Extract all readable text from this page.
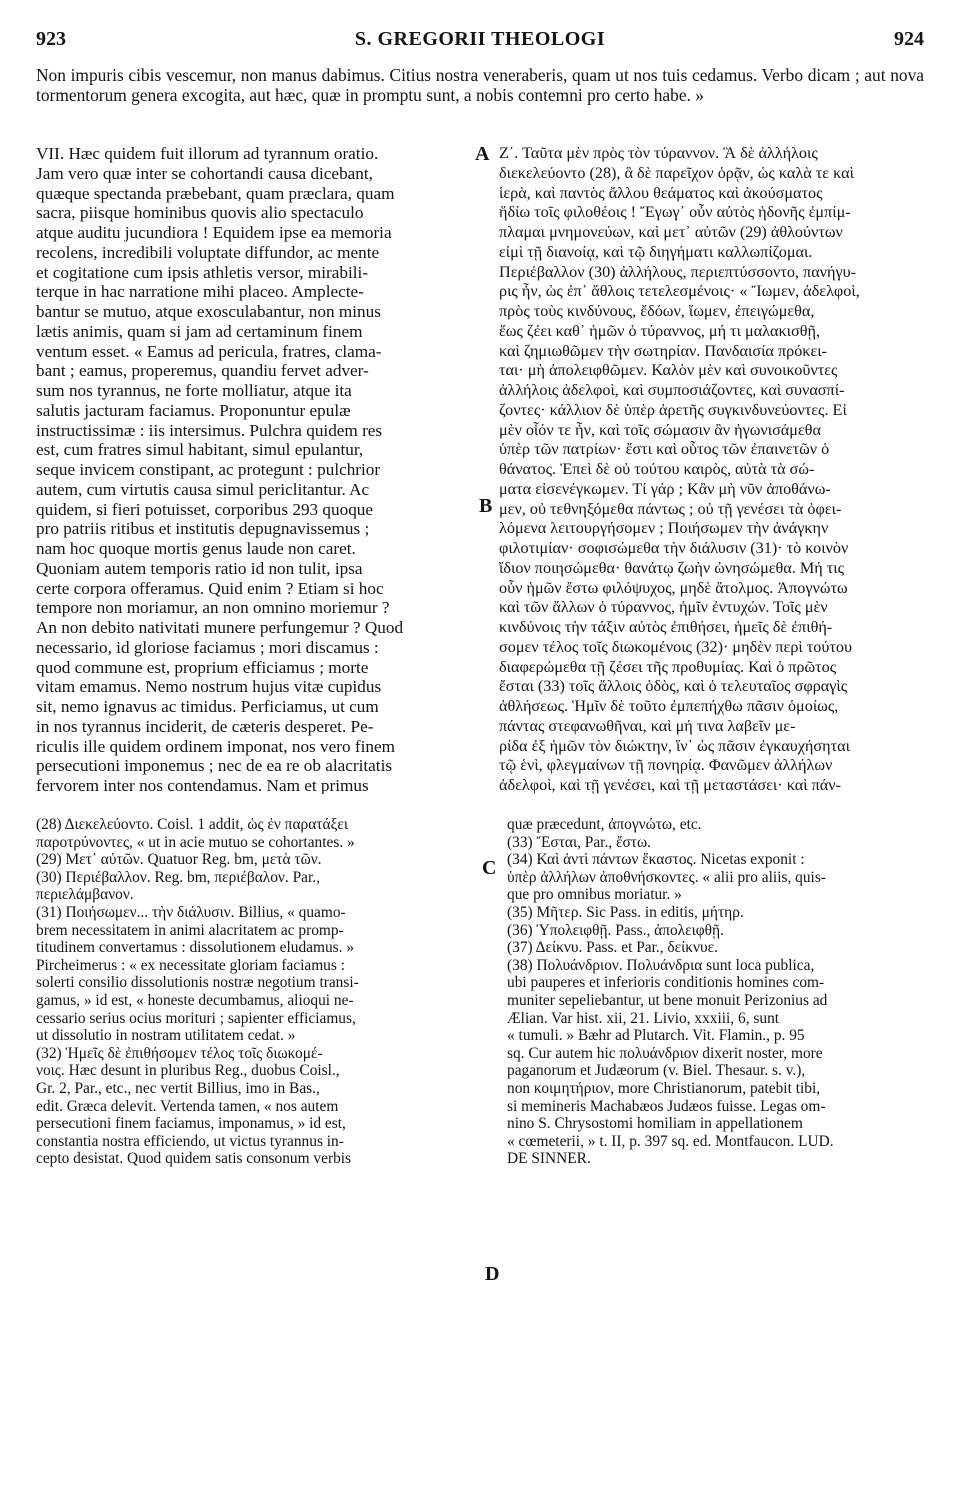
923	S. GREGORII THEOLOGI	924
Non impuris cibis vescemur, non manus dabimus. Citius nostra veneraberis, quam ut nos tuis cedamus. Verbo dicam ; aut nova tormentorum genera excogita, aut hæc, quæ in promptu sunt, a nobis contemni pro certo habe. »
VII. Hæc quidem fuit illorum ad tyrannum oratio.
Jam vero quæ inter se cohortandi causa dicebant,
quæque spectanda præbebant, quam præclara, quam
sacra, piisque hominibus quovis alio spectaculo
atque auditu jucundiora ! Equidem ipse ea memoria
recolens, incredibili voluptate diffundor, ac mente
et cogitatione cum ipsis athletis versor, mirabili-
terque in hac narratione mihi placeo. Amplecte-
bantur se mutuo, atque exosculabantur, non minus
lætis animis, quam si jam ad certaminum finem
ventum esset. « Eamus ad pericula, fratres, clama-
bant ; eamus, properemus, quandiu fervet adver-
sum nos tyrannus, ne forte molliatur, atque ita
salutis jacturam faciamus. Proponuntur epulæ
instructissimæ : iis intersimus. Pulchra quidem res
est, cum fratres simul habitant, simul epulantur,
seque invicem constipant, ac protegunt : pulchrior
autem, cum virtutis causa simul periclitantur. Ac
quidem, si fieri potuisset, corporibus 293 quoque
pro patriis ritibus et institutis depugnavissemus ;
nam hoc quoque mortis genus laude non caret.
Quoniam autem temporis ratio id non tulit, ipsa
certe corpora offeramus. Quid enim ? Etiam si hoc
tempore non moriamur, an non omnino moriemur ?
An non debito nativitati munere perfungemur ? Quod
necessario, id gloriose faciamus ; mori discamus :
quod commune est, proprium efficiamus ; morte
vitam emamus. Nemo nostrum hujus vitæ cupidus
sit, nemo ignavus ac timidus. Perficiamus, ut cum
in nos tyrannus inciderit, de cæteris desperet. Pe-
riculis ille quidem ordinem imponat, nos vero finem
persecutioni imponemus ; nec de ea re ob alacritatis
fervorem inter nos contendamus. Nam et primus
Ζ΄. Ταῦτα μὲν πρὸς τὸν τύραννον. Ἃ δὲ ἀλλήλοις
διεκελεύοντο (28), ἃ δὲ παρεῖχον ὁρᾷν, ὡς καλὰ τε καὶ
ἱερὰ, καὶ παντὸς ἄλλου θεάματος καὶ ἀκούσματος
ἥδίω τοῖς φιλοθέοις ! Ἔγωγ᾽ οὖν αὐτὸς ἡδονῆς ἐμπίμ-
πλαμαι μνημονεύων, καὶ μετ᾽ αὐτῶν (29) ἀθλούντων
εἰμὶ τῇ διανοίᾳ, καὶ τῷ διηγήματι καλλωπίζομαι.
Περιέβαλλον (30) ἀλλήλους, περιεπτύσσοντο, πανήγυ-
ρις ἦν, ὡς ἐπ᾽ ἄθλοις τετελεσμένοις· « Ἴωμεν, ἀδελφοὶ,
πρὸς τοὺς κινδύνους, ἔδόων, ἴωμεν, ἐπειγώμεθα,
ἕως ζέει καθ᾽ ἡμῶν ὁ τύραννος, μή τι μαλακισθῇ,
καὶ ζημιωθῶμεν τὴν σωτηρίαν. Πανδαισία πρόκει-
ται· μὴ ἀπολειφθῶμεν. Καλὸν μὲν καὶ συνοικοῦντες
ἀλλήλοις ἀδελφοὶ, καὶ συμποσιάζοντες, καὶ συνασπί-
ζοντες· κάλλιον δὲ ὑπὲρ ἀρετῆς συγκινδυνεύοντες. Εἰ
μὲν οἷόν τε ἦν, καὶ τοῖς σώμασιν ἂν ἠγωνισάμεθα
ὑπὲρ τῶν πατρίων· ἔστι καὶ οὗτος τῶν ἐπαινετῶν ὁ
θάνατος. Ἐπεὶ δὲ οὐ τούτου καιρὸς, αὐτὰ τὰ σώ-
ματα εἰσενέγκωμεν. Τί γάρ ; Κἂν μὴ νῦν ἀποθάνω-
μεν, οὐ τεθνηξόμεθα πάντως ; οὐ τῇ γενέσει τὰ ὀφει-
λόμενα λειτουργήσομεν ; Ποιήσωμεν τὴν ἀνάγκην
φιλοτιμίαν· σοφισώμεθα τὴν διάλυσιν (31)· τὸ κοινὸν
ἴδιον ποιησώμεθα· θανάτῳ ζωὴν ὠνησώμεθα. Μή τις
οὖν ἡμῶν ἔστω φιλόψυχος, μηδὲ ἄτολμος. Ἀπογνώτω
καὶ τῶν ἄλλων ὁ τύραννος, ἡμῖν ἐντυχών. Τοῖς μὲν
κινδύνοις τὴν τάξιν αὐτὸς ἐπιθήσει, ἡμεῖς δὲ ἐπιθή-
σομεν τέλος τοῖς διωκομένοις (32)· μηδὲν περὶ τούτου
διαφερώμεθα τῇ ζέσει τῆς προθυμίας. Καὶ ὁ πρῶτος
ἔσται (33) τοῖς ἄλλοις ὁδὸς, καὶ ὁ τελευταῖος σφραγὶς
ἀθλήσεως. Ἡμῖν δὲ τοῦτο ἐμπεπήχθω πᾶσιν ὁμοίως,
πάντας στεφανωθῆναι, καὶ μή τινα λαβεῖν με-
ρίδα ἐξ ἡμῶν τὸν διώκτην, ἵν᾽ ὡς πᾶσιν ἐγκαυχήσηται
τῷ ἑνὶ, φλεγμαίνων τῇ πονηρίᾳ. Φανῶμεν ἀλλήλων
ἀδελφοὶ, καὶ τῇ γενέσει, καὶ τῇ μεταστάσει· καὶ πάν-
A
B
C
D
(28) Διεκελεύοντο. Coisl. 1 addit, ὡς ἐν παρατάξει
παροτρύνοντες, « ut in acie mutuo se cohortantes. »
(29) Μετ᾽ αὐτῶν. Quatuor Reg. bm, μετὰ τῶν.
(30) Περιέβαλλον. Reg. bm, περιέβαλον. Par.,
περιελάμβανον.
(31) Ποιήσωμεν... τὴν διάλυσιν. Billius, « quamo-
brem necessitatem in animi alacritatem ac promp-
titudinem convertamus : dissolutionem eludamus. »
Pircheimerus : « ex necessitate gloriam faciamus :
solerti consilio dissolutionis nostræ negotium transi-
gamus, » id est, « honeste decumbamus, alioqui ne-
cessario serius ocius morituri ; sapienter efficiamus,
ut dissolutio in nostram utilitatem cedat. »
(32) Ἡμεῖς δὲ ἐπιθήσομεν τέλος τοῖς διωκομέ-
νοις. Hæc desunt in pluribus Reg., duobus Coisl.,
Gr. 2, Par., etc., nec vertit Billius, imo in Bas.,
edit. Græca delevit. Vertenda tamen, « nos autem
persecutioni finem faciamus, imponamus, » id est,
constantia nostra efficiendo, ut victus tyrannus in-
cepto desistat. Quod quidem satis consonum verbis
quæ præcedunt, ἀπογνώτω, etc.
(33) Ἔσται, Par., ἔστω.
(34) Καὶ ἀντὶ πάντων ἕκαστος. Nicetas exponit :
ὑπὲρ ἀλλήλων ἀποθνήσκοντες. « alii pro aliis, quis-
que pro omnibus moriatur. »
(35) Μῆτερ. Sic Pass. in editis, μήτηρ.
(36) Ὑπολειφθῇ. Pass., ἀπολειφθῇ.
(37) Δείκνυ. Pass. et Par., δείκνυε.
(38) Πολυάνδριον. Πολυάνδρια sunt loca publica,
ubi pauperes et inferioris conditionis homines com-
muniter sepeliebantur, ut bene monuit Perizonius ad
Ælian. Var hist. xii, 21. Livio, xxxiii, 6, sunt
« tumuli. » Bæhr ad Plutarch. Vit. Flamin., p. 95
sq. Cur autem hic πολυάνδριον dixerit noster, more
paganorum et Judæorum (v. Biel. Thesaur. s. v.),
non κοιμητήριον, more Christianorum, patebit tibi,
si memineris Machabæos Judæos fuisse. Legas om-
nino S. Chrysostomi homiliam in appellationem
« cœmeterii, » t. II, p. 397 sq. ed. Montfaucon. LUD.
DE SINNER.
